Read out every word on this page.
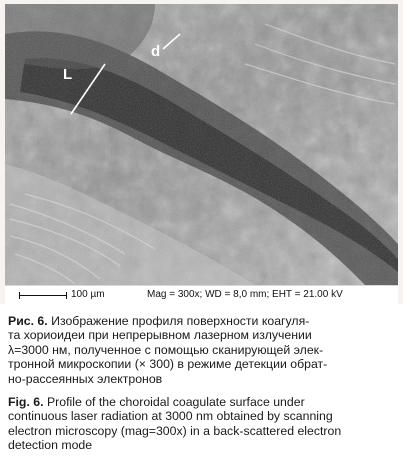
L
d
100 µm	Mag = 300x; WD = 8,0 mm; EHT = 21.00 kV
Рис. 6. Изображение профиля поверхности коагуля-
та хориоидеи при непрерывном лазерном излучении
λ=3000 нм, полученное с помощью сканирующей элек-
тронной микроскопии (× 300) в режиме детекции обрат-
но-рассеянных электронов
Fig. 6. Profile of the choroidal coagulate surface under
continuous laser radiation at 3000 nm obtained by scanning
electron microscopy (mag=300x) in a back-scattered electron
detection mode
